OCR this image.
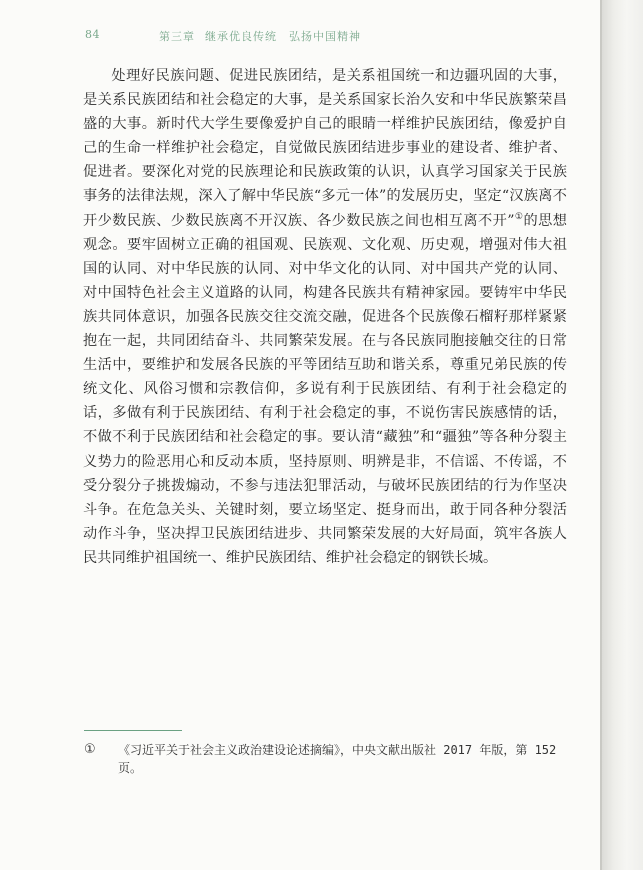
84	第三章 继承优良传统　弘扬中国精神
处理好民族问题、促进民族团结，是关系祖国统一和边疆巩固的大事，是关系民族团结和社会稳定的大事，是关系国家长治久安和中华民族繁荣昌盛的大事。新时代大学生要像爱护自己的眼睛一样维护民族团结，像爱护自己的生命一样维护社会稳定，自觉做民族团结进步事业的建设者、维护者、促进者。要深化对党的民族理论和民族政策的认识，认真学习国家关于民族事务的法律法规，深入了解中华民族“多元一体”的发展历史，坚定“汉族离不开少数民族、少数民族离不开汉族、各少数民族之间也相互离不开”①的思想观念。要牢固树立正确的祖国观、民族观、文化观、历史观，增强对伟大祖国的认同、对中华民族的认同、对中华文化的认同、对中国共产党的认同、对中国特色社会主义道路的认同，构建各民族共有精神家园。要铸牢中华民族共同体意识，加强各民族交往交流交融，促进各个民族像石榴籽那样紧紧抱在一起，共同团结奋斗、共同繁荣发展。在与各民族同胞接触交往的日常生活中，要维护和发展各民族的平等团结互助和谐关系，尊重兄弟民族的传统文化、风俗习惯和宗教信仰，多说有利于民族团结、有利于社会稳定的话，多做有利于民族团结、有利于社会稳定的事，不说伤害民族感情的话，不做不利于民族团结和社会稳定的事。要认清“藏独”和“疆独”等各种分裂主义势力的险恶用心和反动本质，坚持原则、明辨是非，不信谣、不传谣，不受分裂分子挑拨煽动，不参与违法犯罪活动，与破坏民族团结的行为作坚决斗争。在危急关头、关键时刻，要立场坚定、挺身而出，敢于同各种分裂活动作斗争，坚决捍卫民族团结进步、共同繁荣发展的大好局面，筑牢各族人民共同维护祖国统一、维护民族团结、维护社会稳定的钢铁长城。
①	《习近平关于社会主义政治建设论述摘编》，中央文献出版社 2017 年版，第 152 页。
